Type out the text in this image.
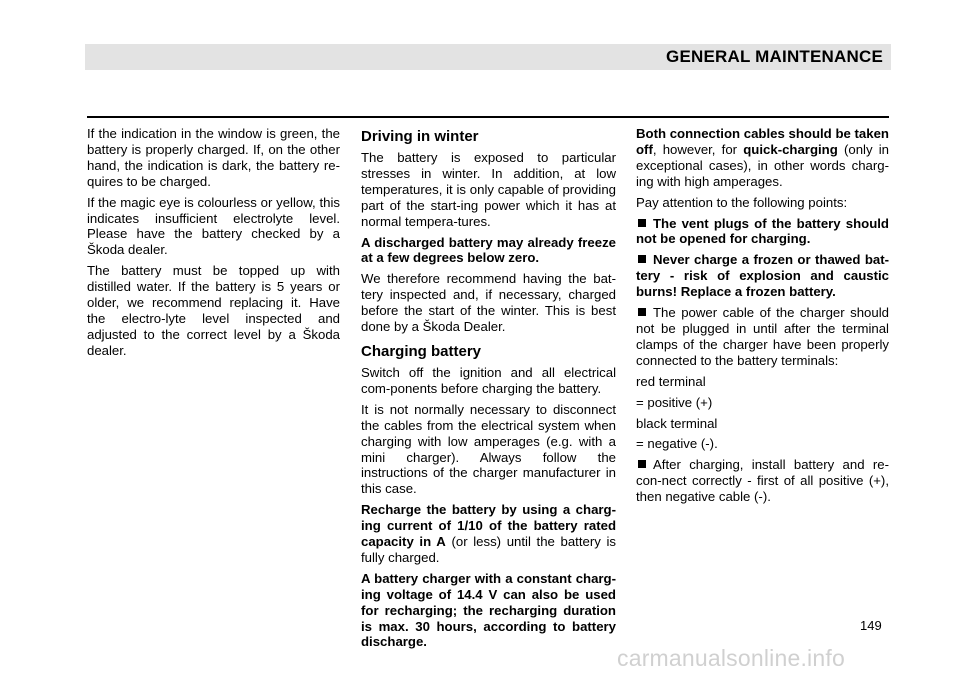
GENERAL MAINTENANCE

If the indication in the window is green, the battery is properly charged. If, on the other hand, the indication is dark, the battery re-quires to be charged.

If the magic eye is colourless or yellow, this indicates insufficient electrolyte level. Please have the battery checked by a Škoda dealer.

The battery must be topped up with distilled water. If the battery is 5 years or older, we recommend replacing it. Have the electro-lyte level inspected and adjusted to the correct level by a Škoda dealer.

Driving in winter

The battery is exposed to particular stresses in winter. In addition, at low temperatures, it is only capable of providing part of the start-ing power which it has at normal tempera-tures.

A discharged battery may already freeze at a few degrees below zero.

We therefore recommend having the bat-tery inspected and, if necessary, charged before the start of the winter. This is best done by a Škoda Dealer.

Charging battery

Switch off the ignition and all electrical com-ponents before charging the battery.

It is not normally necessary to disconnect the cables from the electrical system when charging with low amperages (e.g. with a mini charger). Always follow the instructions of the charger manufacturer in this case.

Recharge the battery by using a charg-ing current of 1/10 of the battery rated capacity in A (or less) until the battery is fully charged.

A battery charger with a constant charg-ing voltage of 14.4 V can also be used for recharging; the recharging duration is max. 30 hours, according to battery discharge.

Both connection cables should be taken off, however, for quick-charging (only in exceptional cases), in other words charg-ing with high amperages.

Pay attention to the following points:

The vent plugs of the battery should not be opened for charging.

Never charge a frozen or thawed bat-tery - risk of explosion and caustic burns! Replace a frozen battery.

The power cable of the charger should not be plugged in until after the terminal clamps of the charger have been properly connected to the battery terminals:

red terminal

= positive (+)

black terminal

= negative (-).

After charging, install battery and re-con-nect correctly - first of all positive (+), then negative cable (-).

149
carmanualsonline.info
